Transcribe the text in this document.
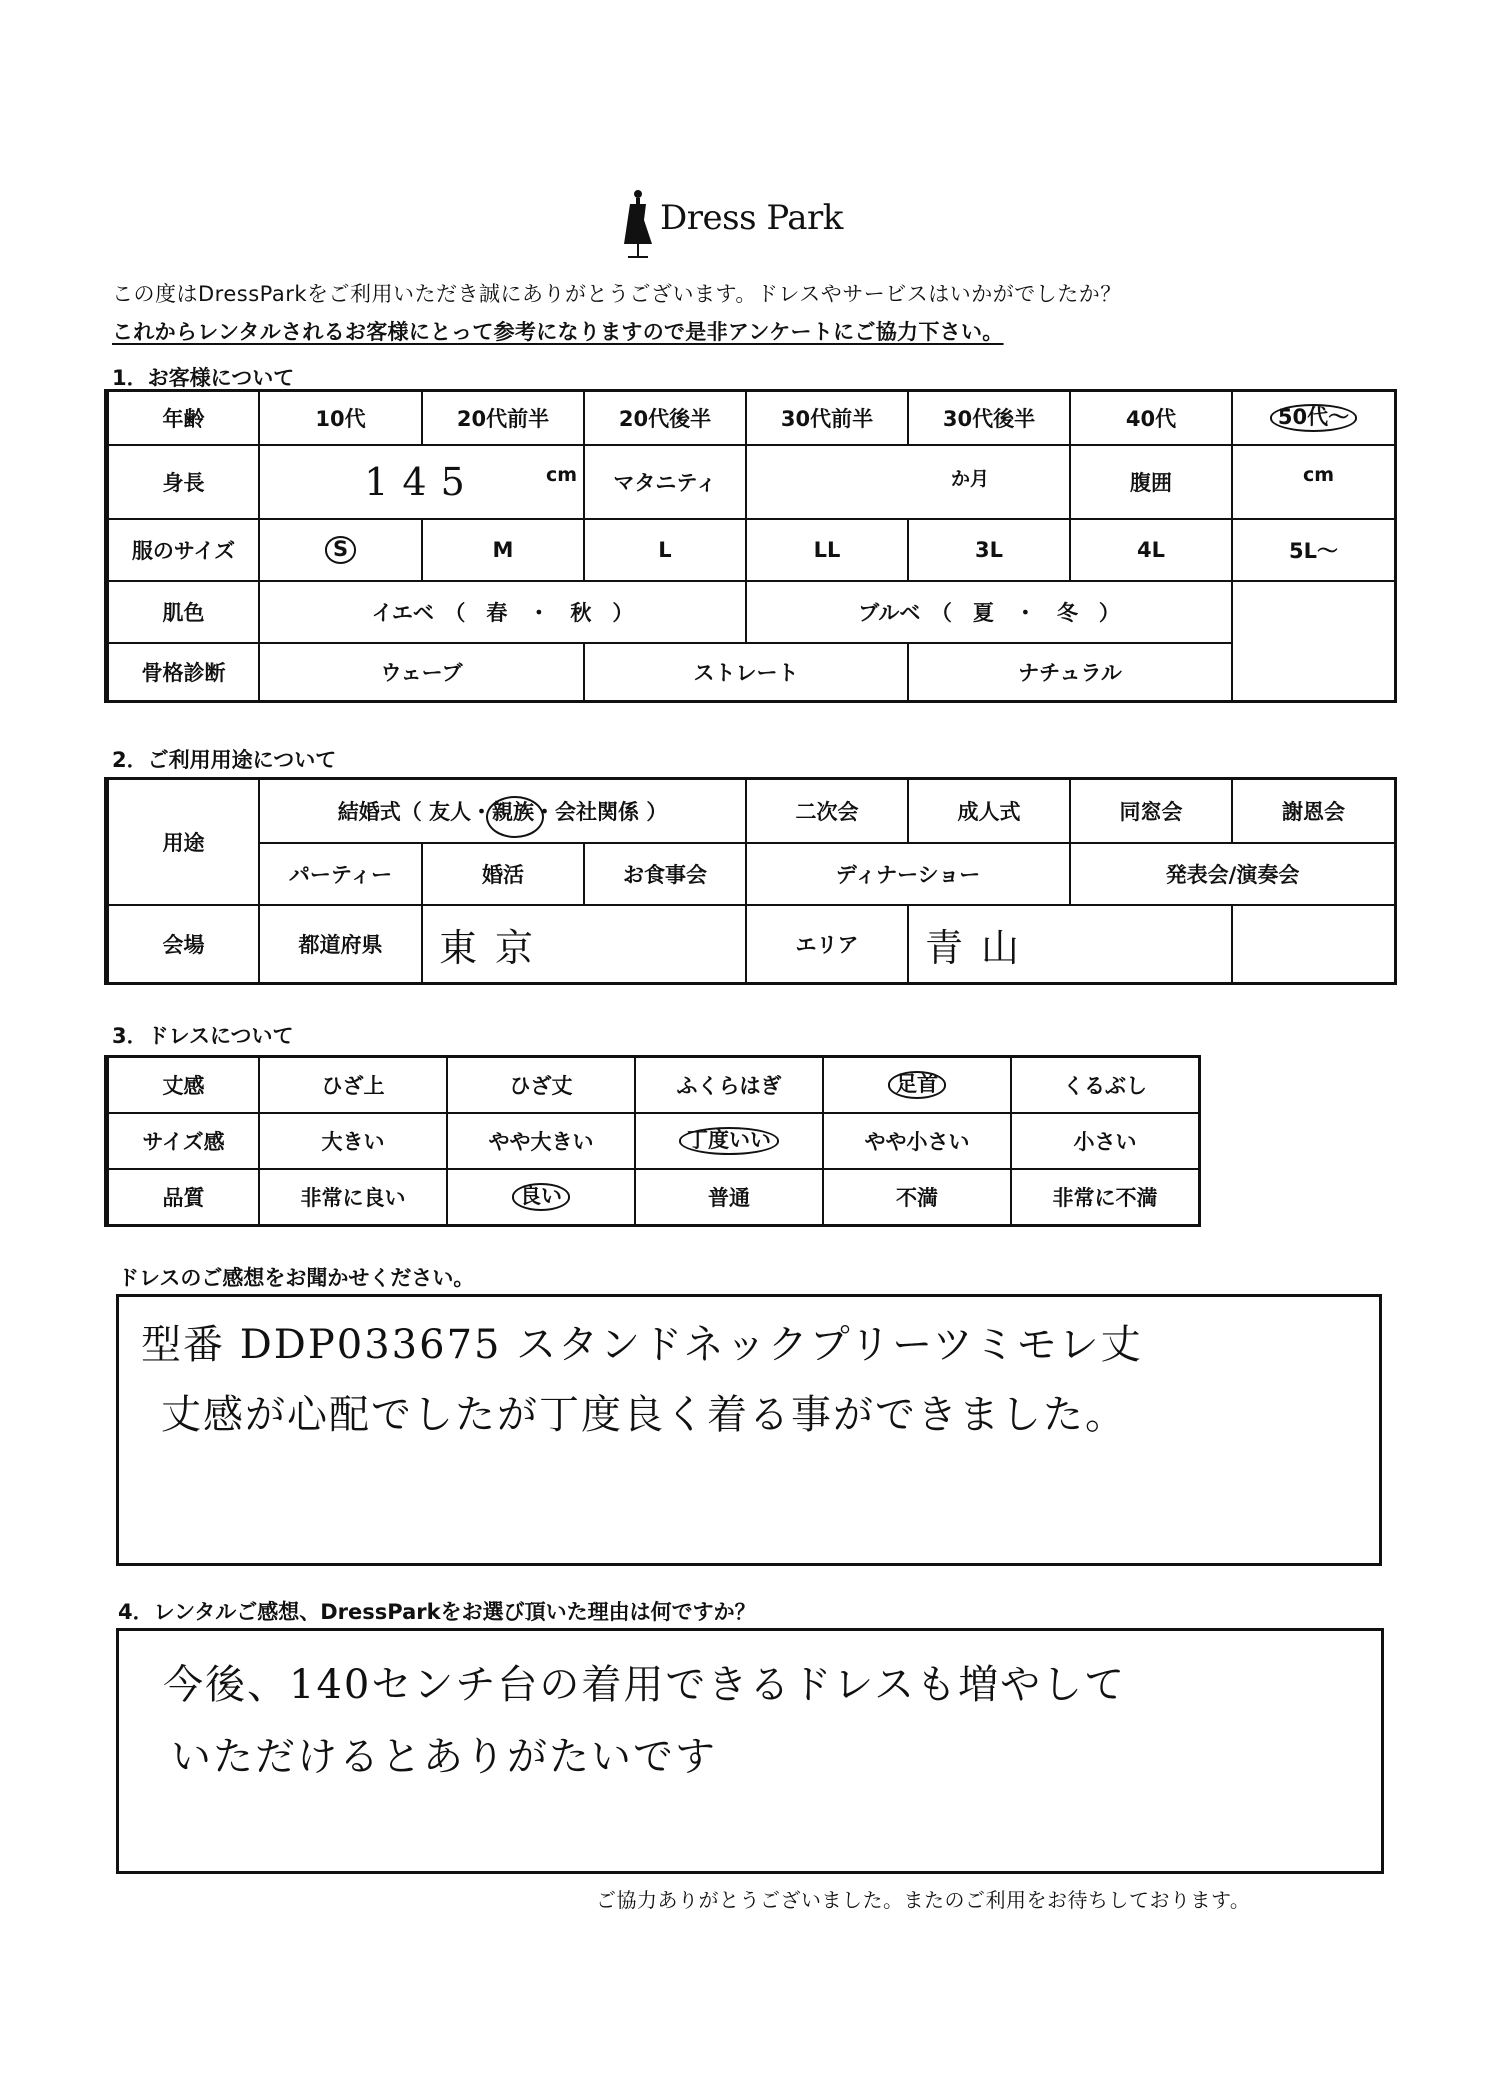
Dress Park
この度はDressParkをご利用いただき誠にありがとうございます。ドレスやサービスはいかがでしたか？
これからレンタルされるお客様にとって参考になりますので是非アンケートにご協力下さい。
1．お客様について
年齢	10代	20代前半	20代後半	30代前半	30代後半	40代	50代～
身長	145 cm		マタニティ	か月		腹囲	cm

服のサイズ	S	M	L	LL	3L	4L	5L～
肌色	イエベ　（　春　・　秋　）			ブルベ　（　夏　・　冬　）			
骨格診断	ウェーブ		ストレート		ナチュラル		
2．ご利用用途について
用途	結婚式（ 友人・親族・会社関係 ）			二次会	成人式	同窓会	謝恩会
	パーティー	婚活	お食事会	ディナーショー		発表会/演奏会	
会場	都道府県	東京		エリア	青山		
3．ドレスについて
丈感	ひざ上	ひざ丈	ふくらはぎ	足首	くるぶし
サイズ感	大きい	やや大きい	丁度いい	やや小さい	小さい
品質	非常に良い	良い	普通	不満	非常に不満
ドレスのご感想をお聞かせください。
型番 DDP033675 スタンドネックプリーツミモレ丈
丈感が心配でしたが丁度良く着る事ができました。
4．レンタルご感想、DressParkをお選び頂いた理由は何ですか？
今後、140センチ台の着用できるドレスも増やして
いただけるとありがたいです
ご協力ありがとうございました。またのご利用をお待ちしております。
